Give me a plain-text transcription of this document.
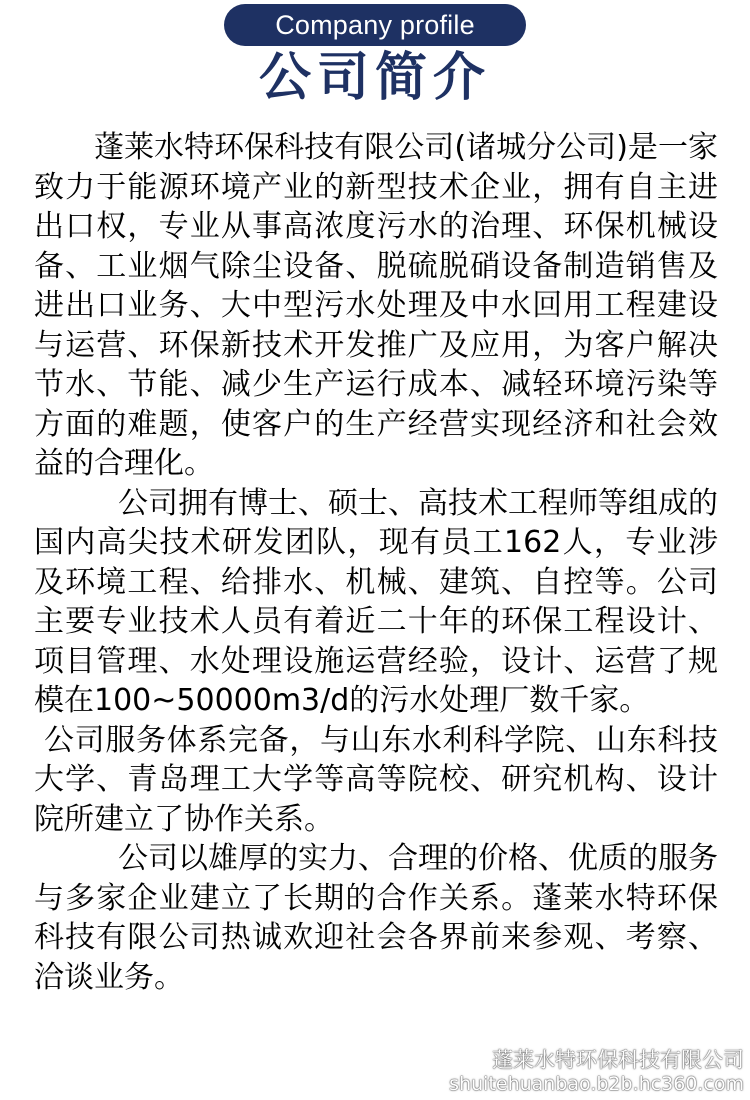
Company profile
公司简介

蓬莱水特环保科技有限公司(诸城分公司)是一家致力于能源环境产业的新型技术企业，拥有自主进出口权，专业从事高浓度污水的治理、环保机械设备、工业烟气除尘设备、脱硫脱硝设备制造销售及进出口业务、大中型污水处理及中水回用工程建设与运营、环保新技术开发推广及应用，为客户解决节水、节能、减少生产运行成本、减轻环境污染等方面的难题，使客户的生产经营实现经济和社会效益的合理化。

公司拥有博士、硕士、高技术工程师等组成的国内高尖技术研发团队，现有员工162人，专业涉及环境工程、给排水、机械、建筑、自控等。公司主要专业技术人员有着近二十年的环保工程设计、项目管理、水处理设施运营经验，设计、运营了规模在100~50000m3/d的污水处理厂数千家。

公司服务体系完备，与山东水利科学院、山东科技大学、青岛理工大学等高等院校、研究机构、设计院所建立了协作关系。

公司以雄厚的实力、合理的价格、优质的服务与多家企业建立了长期的合作关系。蓬莱水特环保科技有限公司热诚欢迎社会各界前来参观、考察、洽谈业务。

蓬莱水特环保科技有限公司
shuitehuanbao.b2b.hc360.com
